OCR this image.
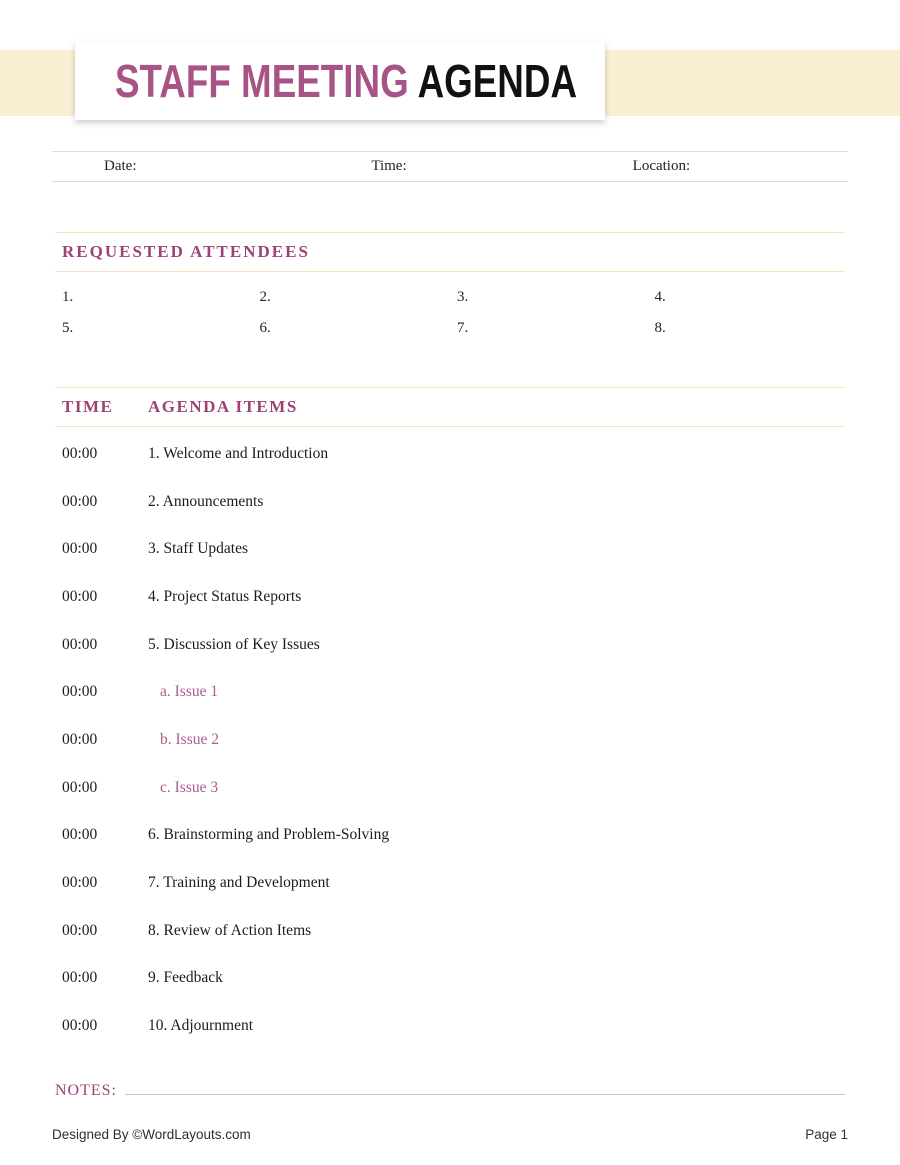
STAFF MEETING AGENDA
Date:	Time:	Location:
REQUESTED ATTENDEES
1.	2.	3.	4.
5.	6.	7.	8.
TIME	AGENDA ITEMS
00:00	1. Welcome and Introduction
00:00	2. Announcements
00:00	3. Staff Updates
00:00	4. Project Status Reports
00:00	5. Discussion of Key Issues
00:00	a. Issue 1
00:00	b. Issue 2
00:00	c. Issue 3
00:00	6. Brainstorming and Problem-Solving
00:00	7. Training and Development
00:00	8. Review of Action Items
00:00	9. Feedback
00:00	10. Adjournment
NOTES:
Designed By ©WordLayouts.com	Page 1
